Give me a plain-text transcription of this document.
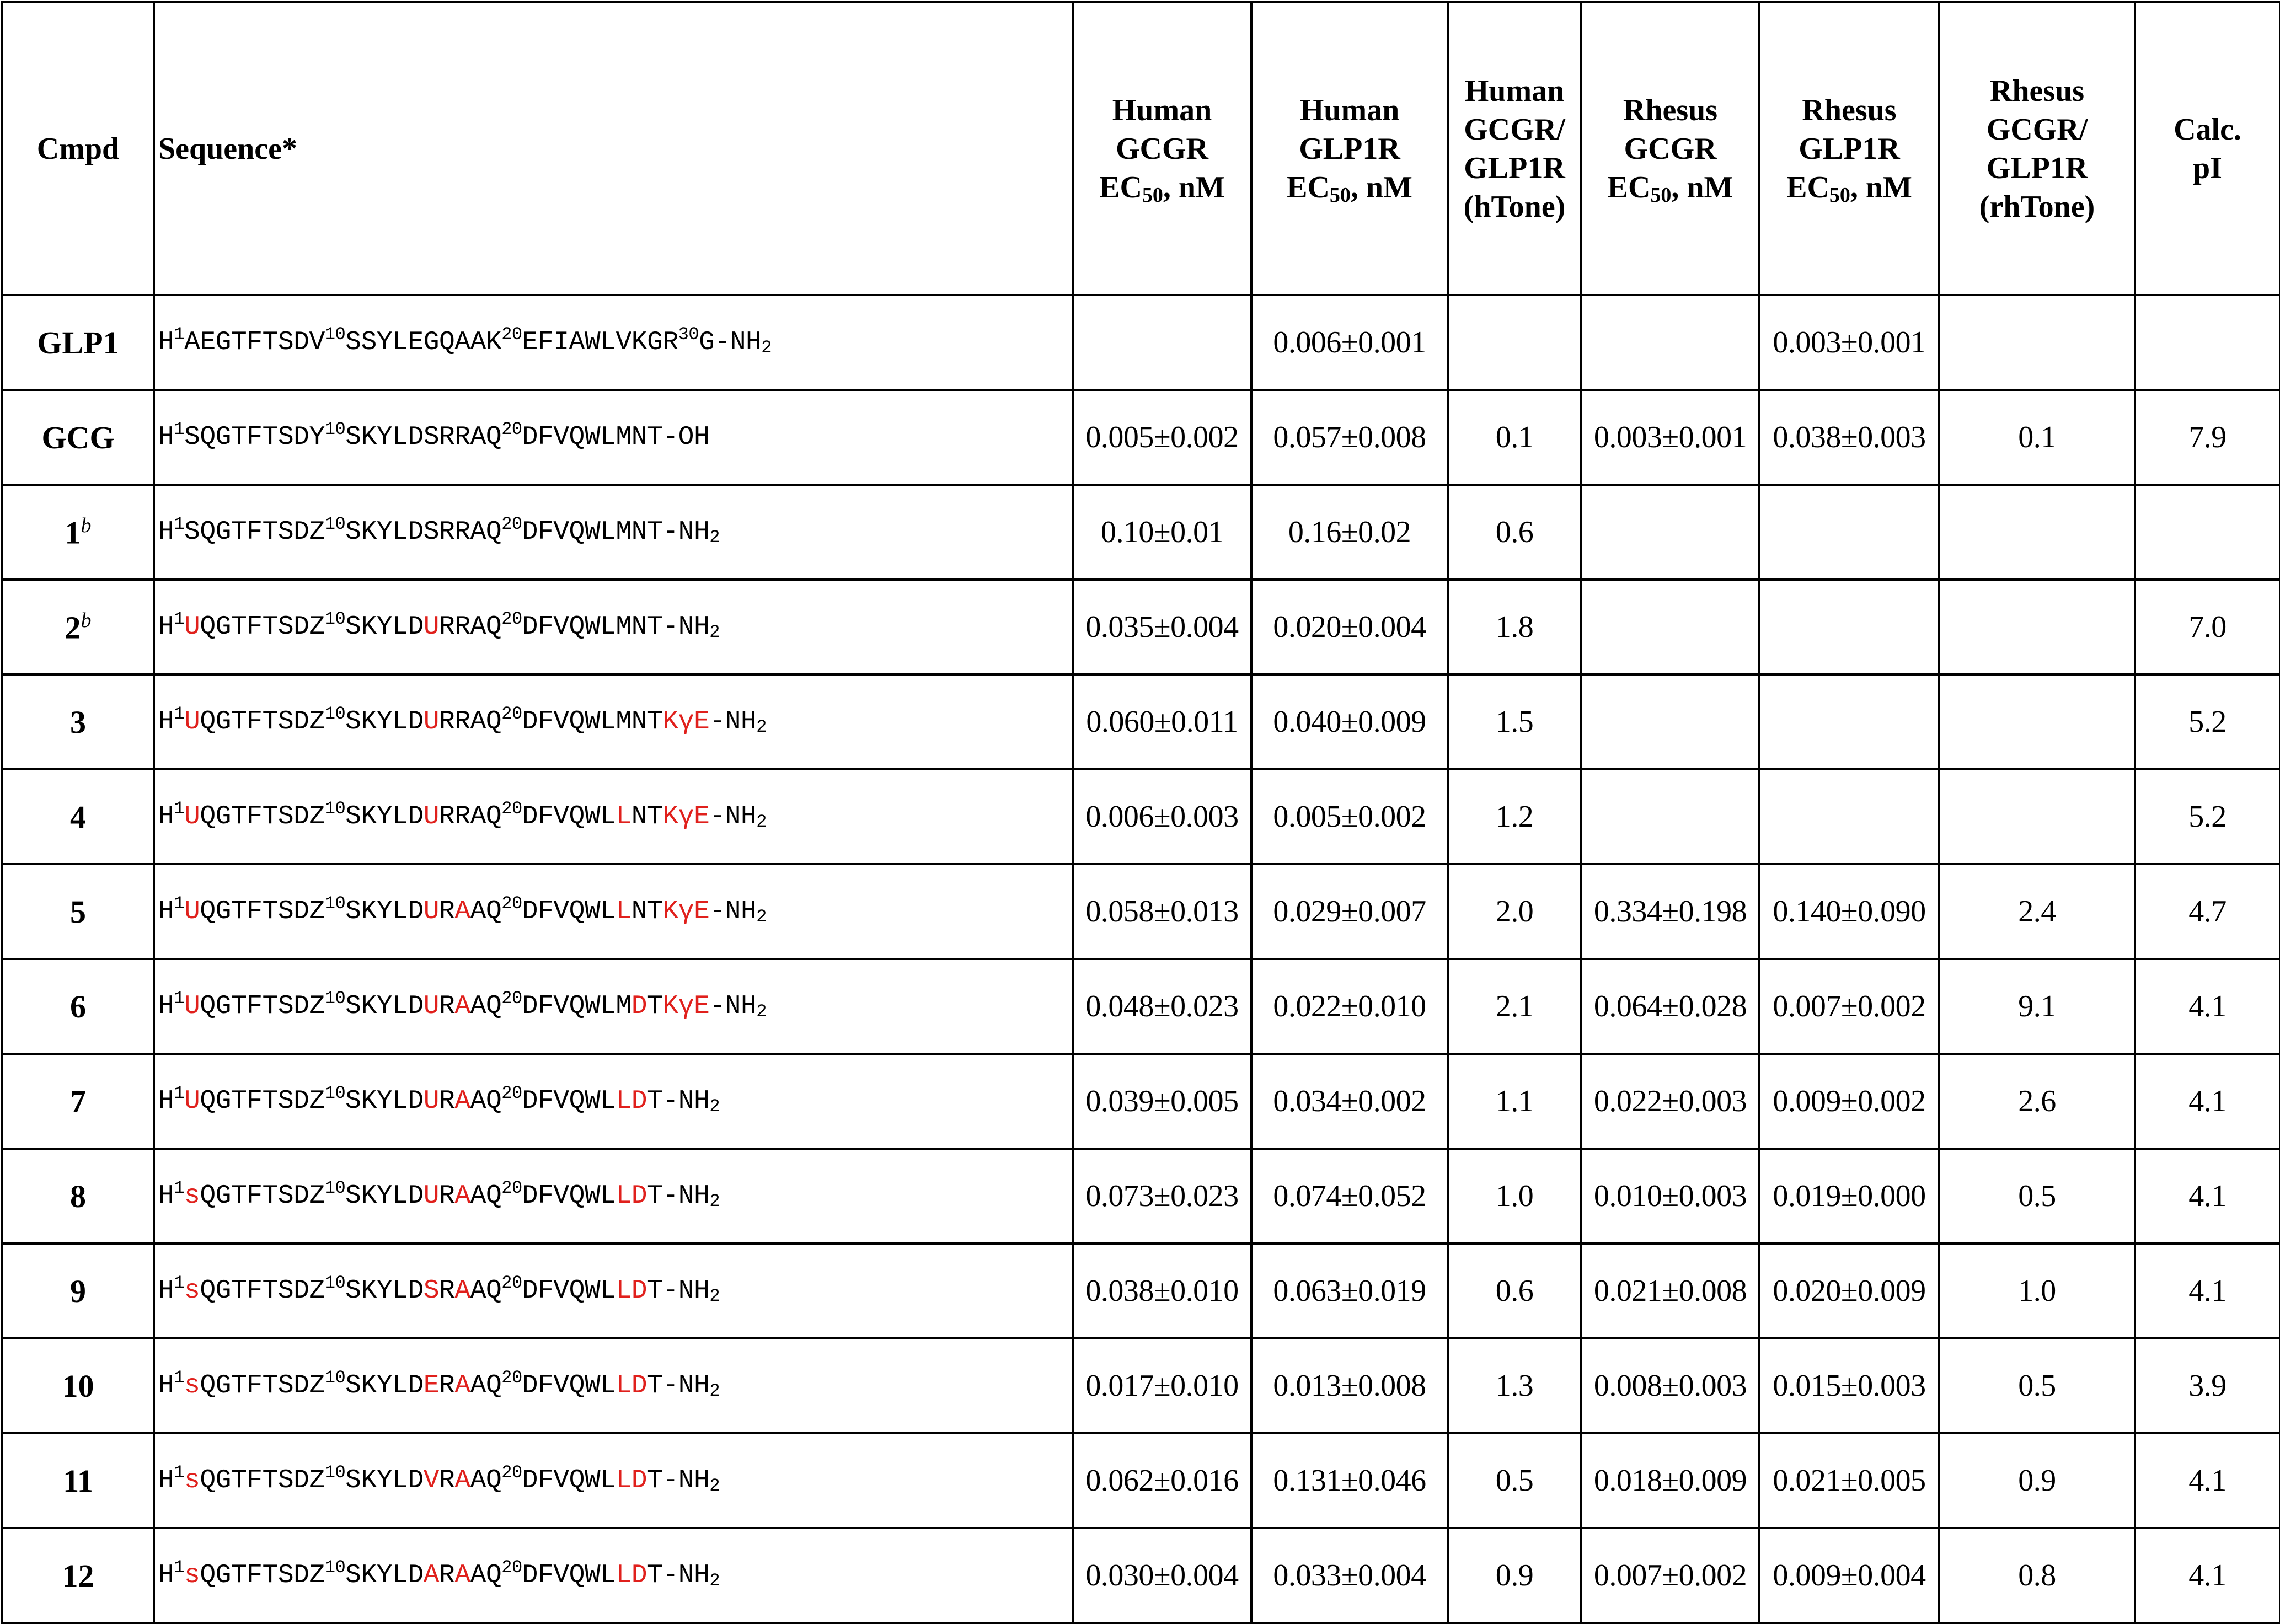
Cmpd	Sequence*	Human
GCGR
EC50, nM	Human
GLP1R
EC50, nM	Human
GCGR/
GLP1R
(hTone)	Rhesus
GCGR
EC50, nM	Rhesus
GLP1R
EC50, nM	Rhesus
GCGR/
GLP1R
(rhTone)	Calc.
pI
GLP1	$H^1AEGTFTSDV^{10}SSYLEGQAAK^{20}EFIAWLVKGR^{30}G-NH_2$		0.006±0.001			0.003±0.001		
GCG	$H^1SQGTFTSDY^{10}SKYLDSRRAQ^{20}DFVQWLMNT-OH$	0.005±0.002	0.057±0.008	0.1	0.003±0.001	0.038±0.003	0.1	7.9
1$^b$	$H^1SQGTFTSDZ^{10}SKYLDSRRAQ^{20}DFVQWLMNT-NH_2$	0.10±0.01	0.16±0.02	0.6				
2$^b$	$H^1UQGTFTSDZ^{10}SKYLDURRAQ^{20}DFVQWLMNT-NH_2$	0.035±0.004	0.020±0.004	1.8				7.0
3	$H^1UQGTFTSDZ^{10}SKYLDURRAQ^{20}DFVQWLMNTK\gamma E-NH_2$	0.060±0.011	0.040±0.009	1.5				5.2
4	$H^1UQGTFTSDZ^{10}SKYLDURRAQ^{20}DFVQWLLNTK\gamma E-NH_2$	0.006±0.003	0.005±0.002	1.2				5.2
5	$H^1UQGTFTSDZ^{10}SKYLDURAAQ^{20}DFVQWLLNTK\gamma E-NH_2$	0.058±0.013	0.029±0.007	2.0	0.334±0.198	0.140±0.090	2.4	4.7
6	$H^1UQGTFTSDZ^{10}SKYLDURAAQ^{20}DFVQWLMDTK\gamma E-NH_2$	0.048±0.023	0.022±0.010	2.1	0.064±0.028	0.007±0.002	9.1	4.1
7	$H^1UQGTFTSDZ^{10}SKYLDURAAQ^{20}DFVQWLLDT-NH_2$	0.039±0.005	0.034±0.002	1.1	0.022±0.003	0.009±0.002	2.6	4.1
8	$H^1sQGTFTSDZ^{10}SKYLDURAAQ^{20}DFVQWLLDT-NH_2$	0.073±0.023	0.074±0.052	1.0	0.010±0.003	0.019±0.000	0.5	4.1
9	$H^1sQGTFTSDZ^{10}SKYLDSRAAQ^{20}DFVQWLLDT-NH_2$	0.038±0.010	0.063±0.019	0.6	0.021±0.008	0.020±0.009	1.0	4.1
10	$H^1sQGTFTSDZ^{10}SKYLDERAAQ^{20}DFVQWLLDT-NH_2$	0.017±0.010	0.013±0.008	1.3	0.008±0.003	0.015±0.003	0.5	3.9
11	$H^1sQGTFTSDZ^{10}SKYLDVRAAQ^{20}DFVQWLLDT-NH_2$	0.062±0.016	0.131±0.046	0.5	0.018±0.009	0.021±0.005	0.9	4.1
12	$H^1sQGTFTSDZ^{10}SKYLDARAAQ^{20}DFVQWLLDT-NH_2$	0.030±0.004	0.033±0.004	0.9	0.007±0.002	0.009±0.004	0.8	4.1
